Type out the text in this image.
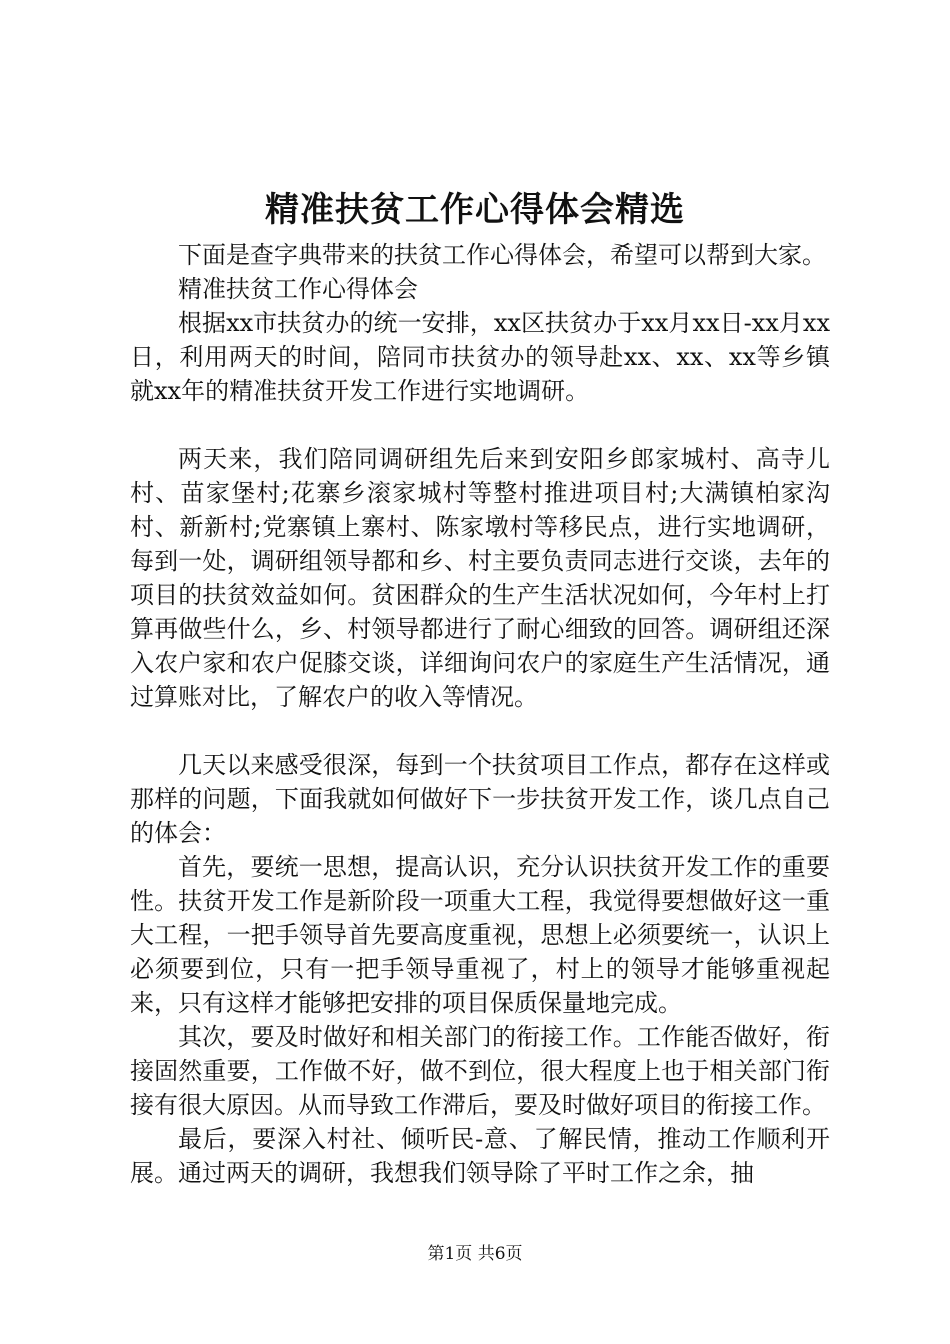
精准扶贫工作心得体会精选

下面是查字典带来的扶贫工作心得体会，希望可以帮到大家。

精准扶贫工作心得体会

根据xx市扶贫办的统一安排，xx区扶贫办于xx月xx日-xx月xx日，利用两天的时间，陪同市扶贫办的领导赴xx、xx、xx等乡镇就xx年的精准扶贫开发工作进行实地调研。

两天来，我们陪同调研组先后来到安阳乡郎家城村、高寺儿村、苗家堡村;花寨乡滚家城村等整村推进项目村;大满镇柏家沟村、新新村;党寨镇上寨村、陈家墩村等移民点，进行实地调研，每到一处，调研组领导都和乡、村主要负责同志进行交谈，去年的项目的扶贫效益如何。贫困群众的生产生活状况如何，今年村上打算再做些什么，乡、村领导都进行了耐心细致的回答。调研组还深入农户家和农户促膝交谈，详细询问农户的家庭生产生活情况，通过算账对比，了解农户的收入等情况。

几天以来感受很深，每到一个扶贫项目工作点，都存在这样或那样的问题，下面我就如何做好下一步扶贫开发工作，谈几点自己的体会：

首先，要统一思想，提高认识，充分认识扶贫开发工作的重要性。扶贫开发工作是新阶段一项重大工程，我觉得要想做好这一重大工程，一把手领导首先要高度重视，思想上必须要统一，认识上必须要到位，只有一把手领导重视了，村上的领导才能够重视起来，只有这样才能够把安排的项目保质保量地完成。

其次，要及时做好和相关部门的衔接工作。工作能否做好，衔接固然重要，工作做不好，做不到位，很大程度上也于相关部门衔接有很大原因。从而导致工作滞后，要及时做好项目的衔接工作。

最后，要深入村社、倾听民-意、了解民情，推动工作顺利开展。通过两天的调研，我想我们领导除了平时工作之余，抽

第1页 共6页
